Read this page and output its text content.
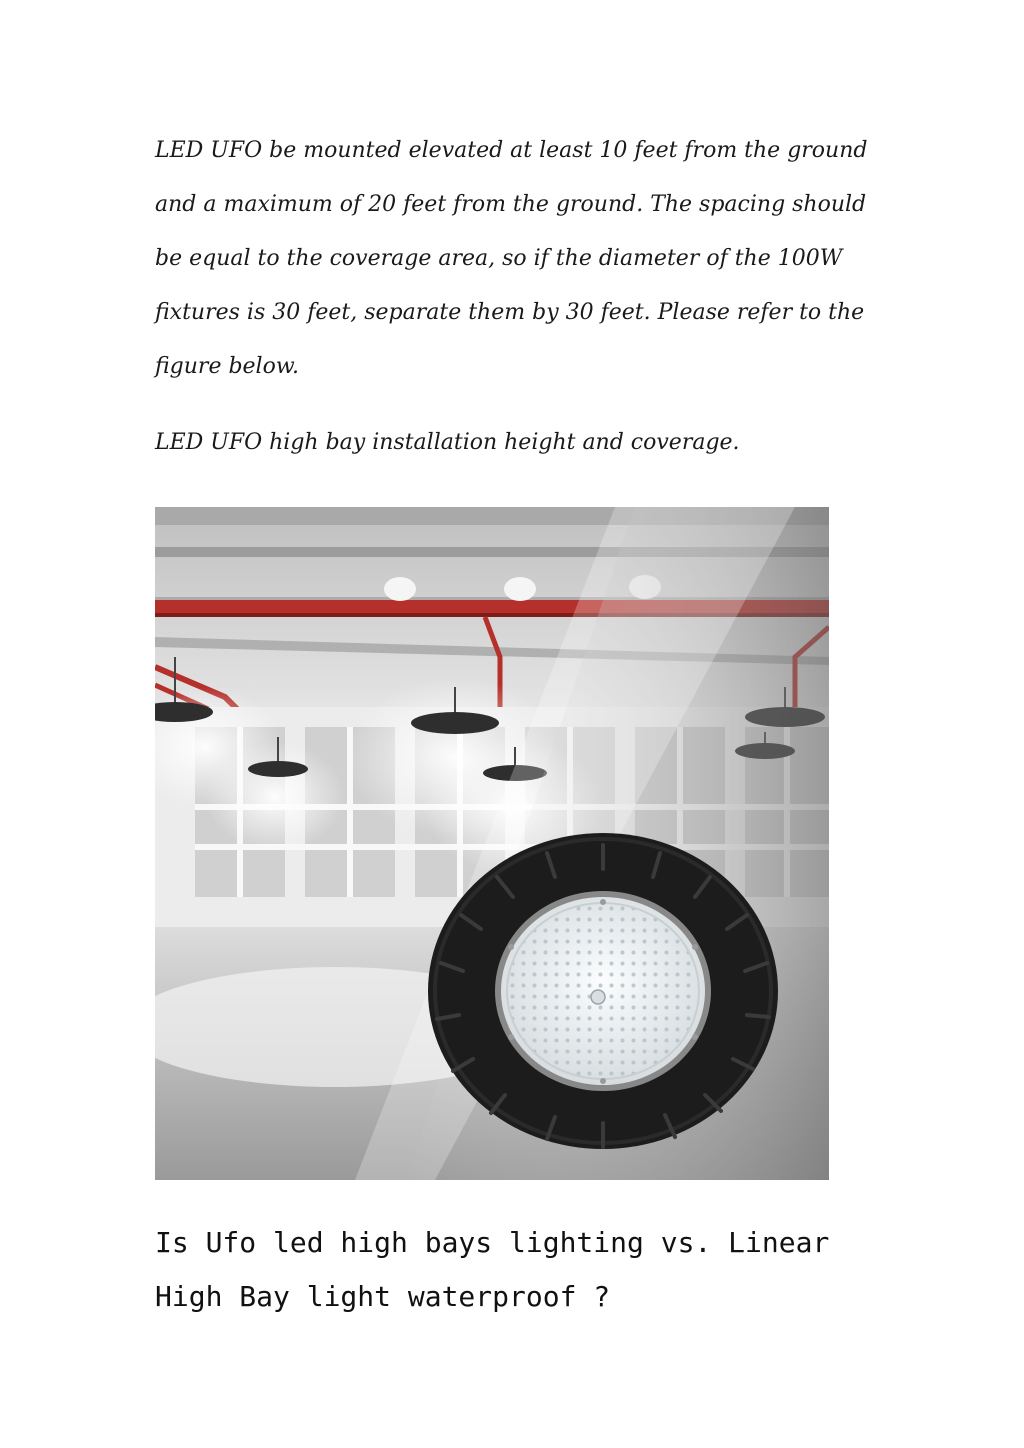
LED UFO be mounted elevated at least 10 feet from the ground and a maximum of 20 feet from the ground. The spacing should be equal to the coverage area, so if the diameter of the 100W fixtures is 30 feet, separate them by 30 feet. Please refer to the figure below.

LED UFO high bay installation height and coverage.

Is Ufo led high bays lighting vs. Linear High Bay light waterproof ?
